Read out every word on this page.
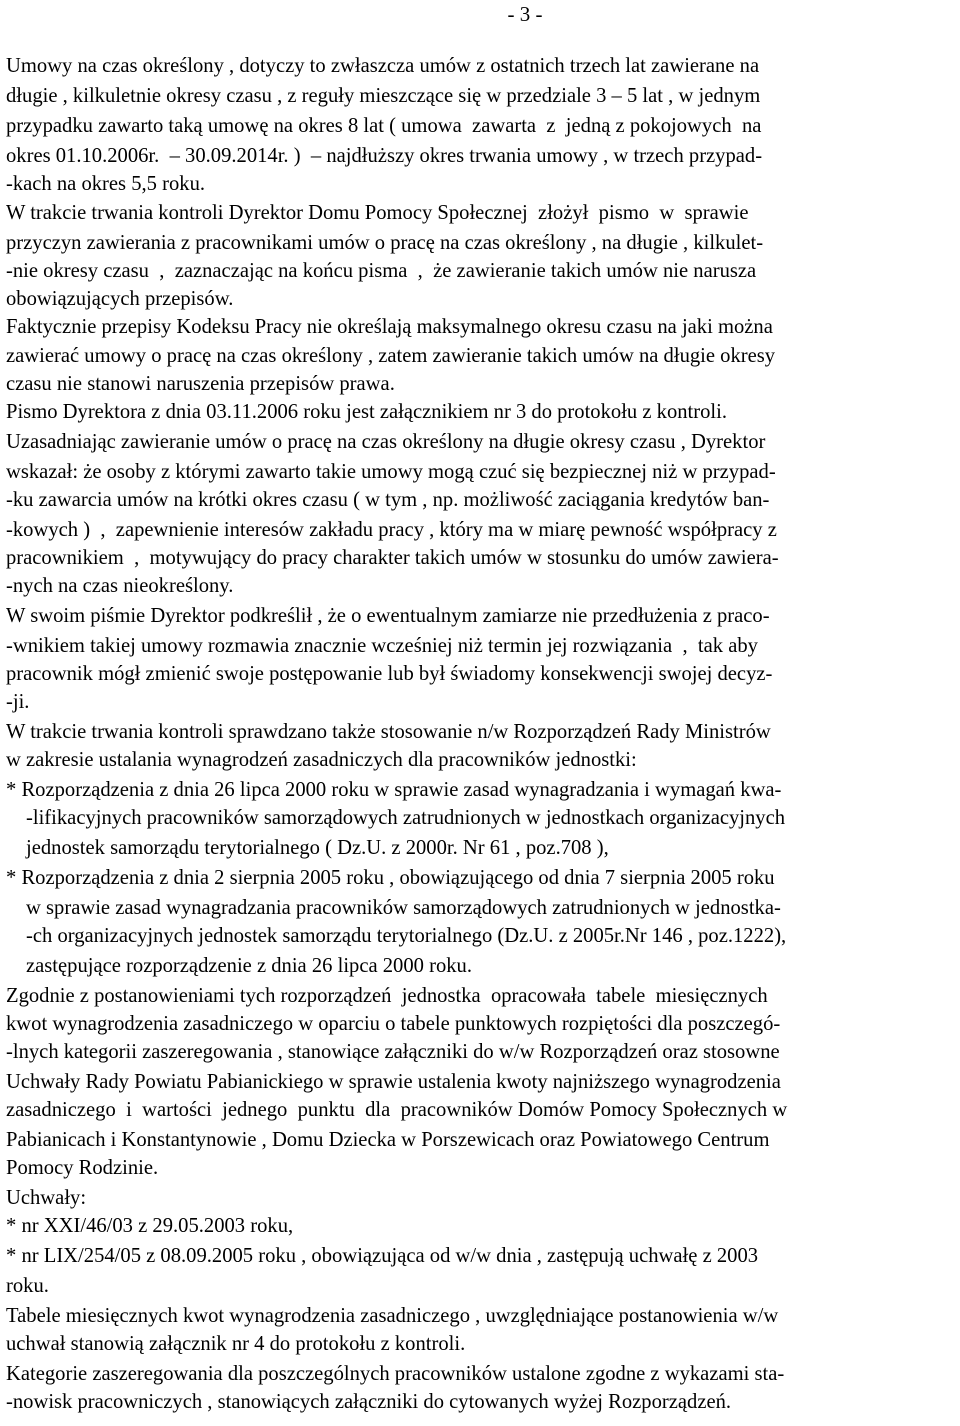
- 3 -
Umowy na czas określony , dotyczy to zwłaszcza umów z ostatnich trzech lat zawierane na
długie , kilkuletnie okresy czasu , z reguły mieszczące się w przedziale 3 – 5 lat , w jednym
przypadku zawarto taką umowę na okres 8 lat ( umowa  zawarta  z  jedną z pokojowych  na
okres 01.10.2006r.  – 30.09.2014r. )  – najdłuższy okres trwania umowy , w trzech przypad-
-kach na okres 5,5 roku.
W trakcie trwania kontroli Dyrektor Domu Pomocy Społecznej  złożył  pismo  w  sprawie
przyczyn zawierania z pracownikami umów o pracę na czas określony , na długie , kilkulet-
-nie okresy czasu  ,  zaznaczając na końcu pisma  ,  że zawieranie takich umów nie narusza
obowiązujących przepisów.
Faktycznie przepisy Kodeksu Pracy nie określają maksymalnego okresu czasu na jaki można
zawierać umowy o pracę na czas określony , zatem zawieranie takich umów na długie okresy
czasu nie stanowi naruszenia przepisów prawa.
Pismo Dyrektora z dnia 03.11.2006 roku jest załącznikiem nr 3 do protokołu z kontroli.
Uzasadniając zawieranie umów o pracę na czas określony na długie okresy czasu , Dyrektor
wskazał: że osoby z którymi zawarto takie umowy mogą czuć się bezpiecznej niż w przypad-
-ku zawarcia umów na krótki okres czasu ( w tym , np. możliwość zaciągania kredytów ban-
-kowych )  ,  zapewnienie interesów zakładu pracy , który ma w miarę pewność współpracy z
pracownikiem  ,  motywujący do pracy charakter takich umów w stosunku do umów zawiera-
-nych na czas nieokreślony.
W swoim piśmie Dyrektor podkreślił , że o ewentualnym zamiarze nie przedłużenia z praco-
-wnikiem takiej umowy rozmawia znacznie wcześniej niż termin jej rozwiązania  ,  tak aby
pracownik mógł zmienić swoje postępowanie lub był świadomy konsekwencji swojej decyz-
-ji.
W trakcie trwania kontroli sprawdzano także stosowanie n/w Rozporządzeń Rady Ministrów
w zakresie ustalania wynagrodzeń zasadniczych dla pracowników jednostki:
* Rozporządzenia z dnia 26 lipca 2000 roku w sprawie zasad wynagradzania i wymagań kwa-
-lifikacyjnych pracowników samorządowych zatrudnionych w jednostkach organizacyjnych
jednostek samorządu terytorialnego ( Dz.U. z 2000r. Nr 61 , poz.708 ),
* Rozporządzenia z dnia 2 sierpnia 2005 roku , obowiązującego od dnia 7 sierpnia 2005 roku
w sprawie zasad wynagradzania pracowników samorządowych zatrudnionych w jednostka-
-ch organizacyjnych jednostek samorządu terytorialnego (Dz.U. z 2005r.Nr 146 , poz.1222),
zastępujące rozporządzenie z dnia 26 lipca 2000 roku.
Zgodnie z postanowieniami tych rozporządzeń  jednostka  opracowała  tabele  miesięcznych
kwot wynagrodzenia zasadniczego w oparciu o tabele punktowych rozpiętości dla poszczegó-
-lnych kategorii zaszeregowania , stanowiące załączniki do w/w Rozporządzeń oraz stosowne
Uchwały Rady Powiatu Pabianickiego w sprawie ustalenia kwoty najniższego wynagrodzenia
zasadniczego  i  wartości  jednego  punktu  dla  pracowników Domów Pomocy Społecznych w
Pabianicach i Konstantynowie , Domu Dziecka w Porszewicach oraz Powiatowego Centrum
Pomocy Rodzinie.
Uchwały:
* nr XXI/46/03 z 29.05.2003 roku,
* nr LIX/254/05 z 08.09.2005 roku , obowiązująca od w/w dnia , zastępują uchwałę z 2003
roku.
Tabele miesięcznych kwot wynagrodzenia zasadniczego , uwzględniające postanowienia w/w
uchwał stanowią załącznik nr 4 do protokołu z kontroli.
Kategorie zaszeregowania dla poszczególnych pracowników ustalone zgodne z wykazami sta-
-nowisk pracowniczych , stanowiących załączniki do cytowanych wyżej Rozporządzeń.
